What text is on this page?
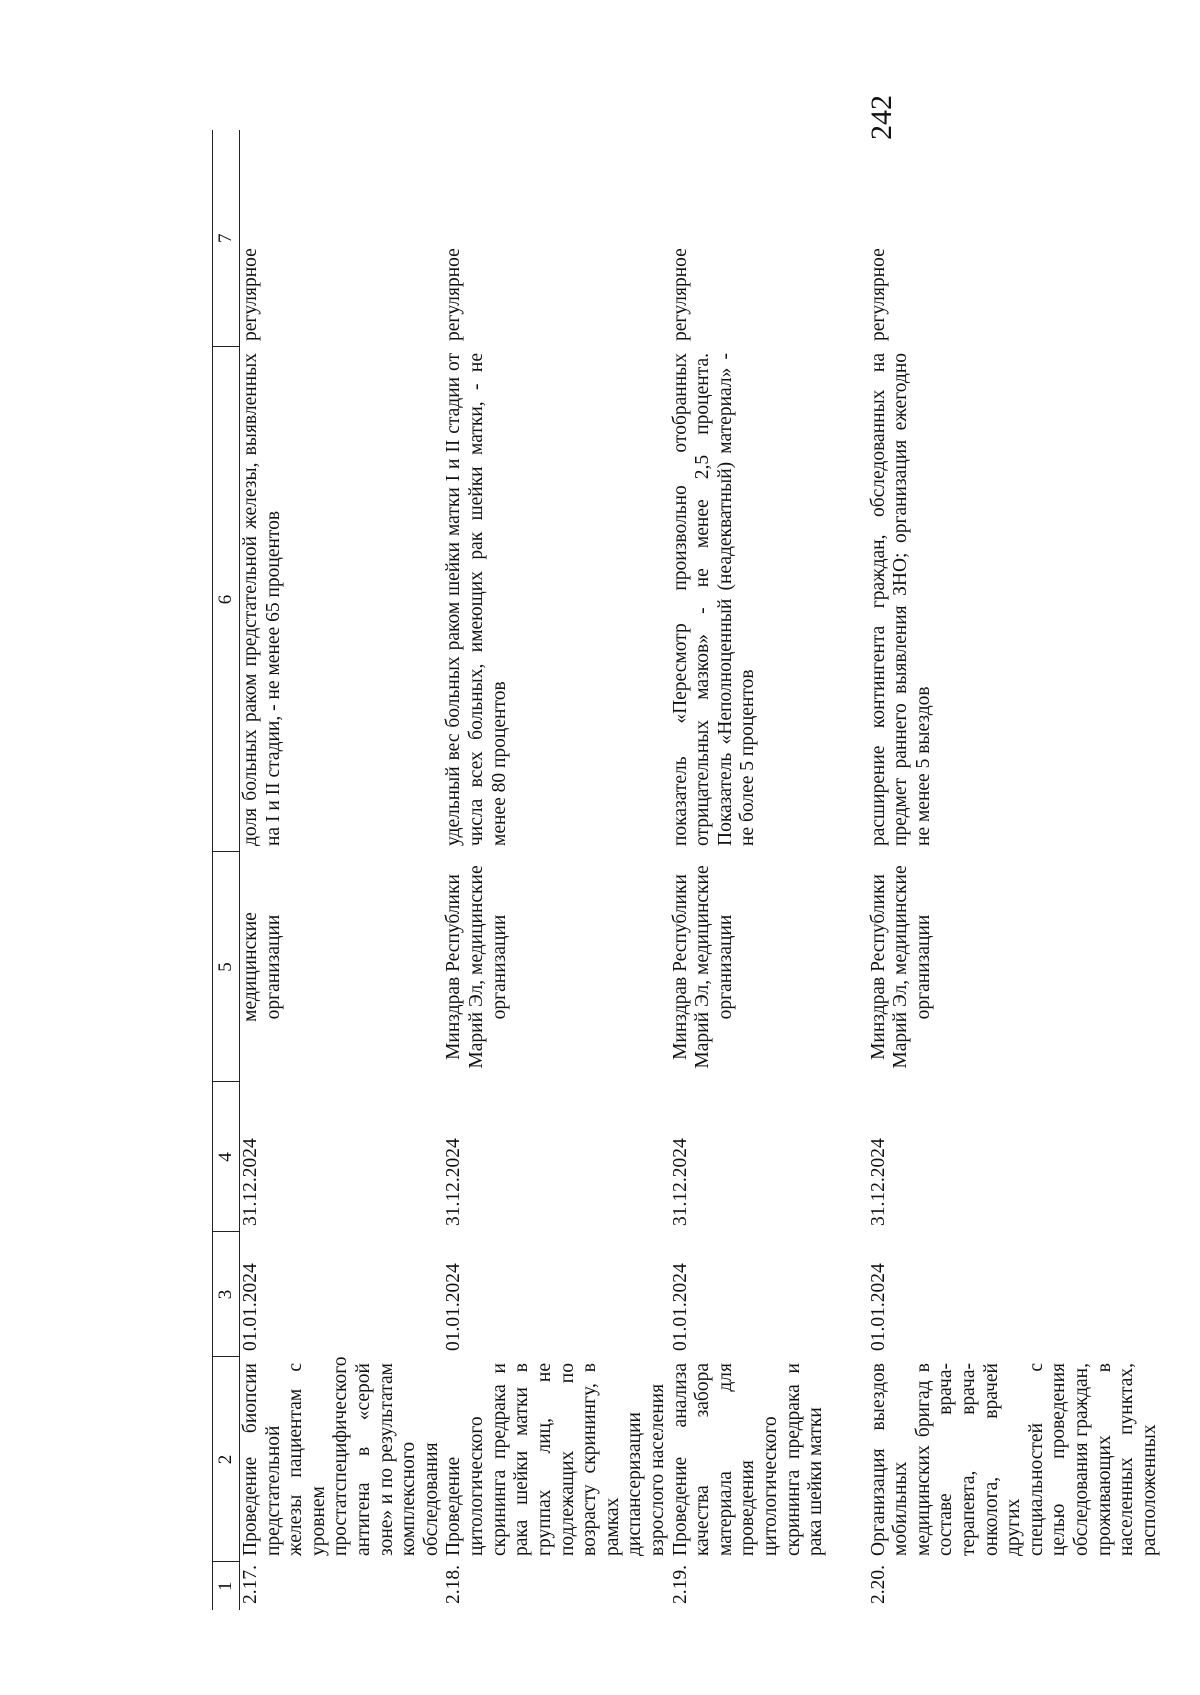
242
1	2	3	4	5	6	7
2.17.	Проведение биопсии предстательной железы пациентам с уровнем простатспецифического антигена в «серой зоне» и по результатам комплексного обследования	01.01.2024	31.12.2024	медицинские организации	доля больных раком предстательной железы, выявленных на I и II стадии, - не менее 65 процентов	регулярное
2.18.	Проведение цитологического скрининга предрака и рака шейки матки в группах лиц, не подлежащих по возрасту скринингу, в рамках диспансеризации взрослого населения	01.01.2024	31.12.2024	Минздрав Республики Марий Эл, медицинские организации	удельный вес больных раком шейки матки I и II стадии от числа всех больных, имеющих рак шейки матки, - не менее 80 процентов	регулярное
2.19.	Проведение анализа качества забора материала для проведения цитологического скрининга предрака и рака шейки матки	01.01.2024	31.12.2024	Минздрав Республики Марий Эл, медицинские организации	показатель «Пересмотр произвольно отобранных отрицательных мазков» - не менее 2,5 процента. Показатель «Неполноценный (неадекватный) материал» - не более 5 процентов	регулярное
2.20.	Организация выездов мобильных медицинских бригад в составе врача-терапевта, врача-онколога, врачей других специальностей с целью проведения обследования граждан, проживающих в населенных пунктах, расположенных	01.01.2024	31.12.2024	Минздрав Республики Марий Эл, медицинские организации	расширение контингента граждан, обследованных на предмет раннего выявления ЗНО; организация ежегодно не менее 5 выездов	регулярное
